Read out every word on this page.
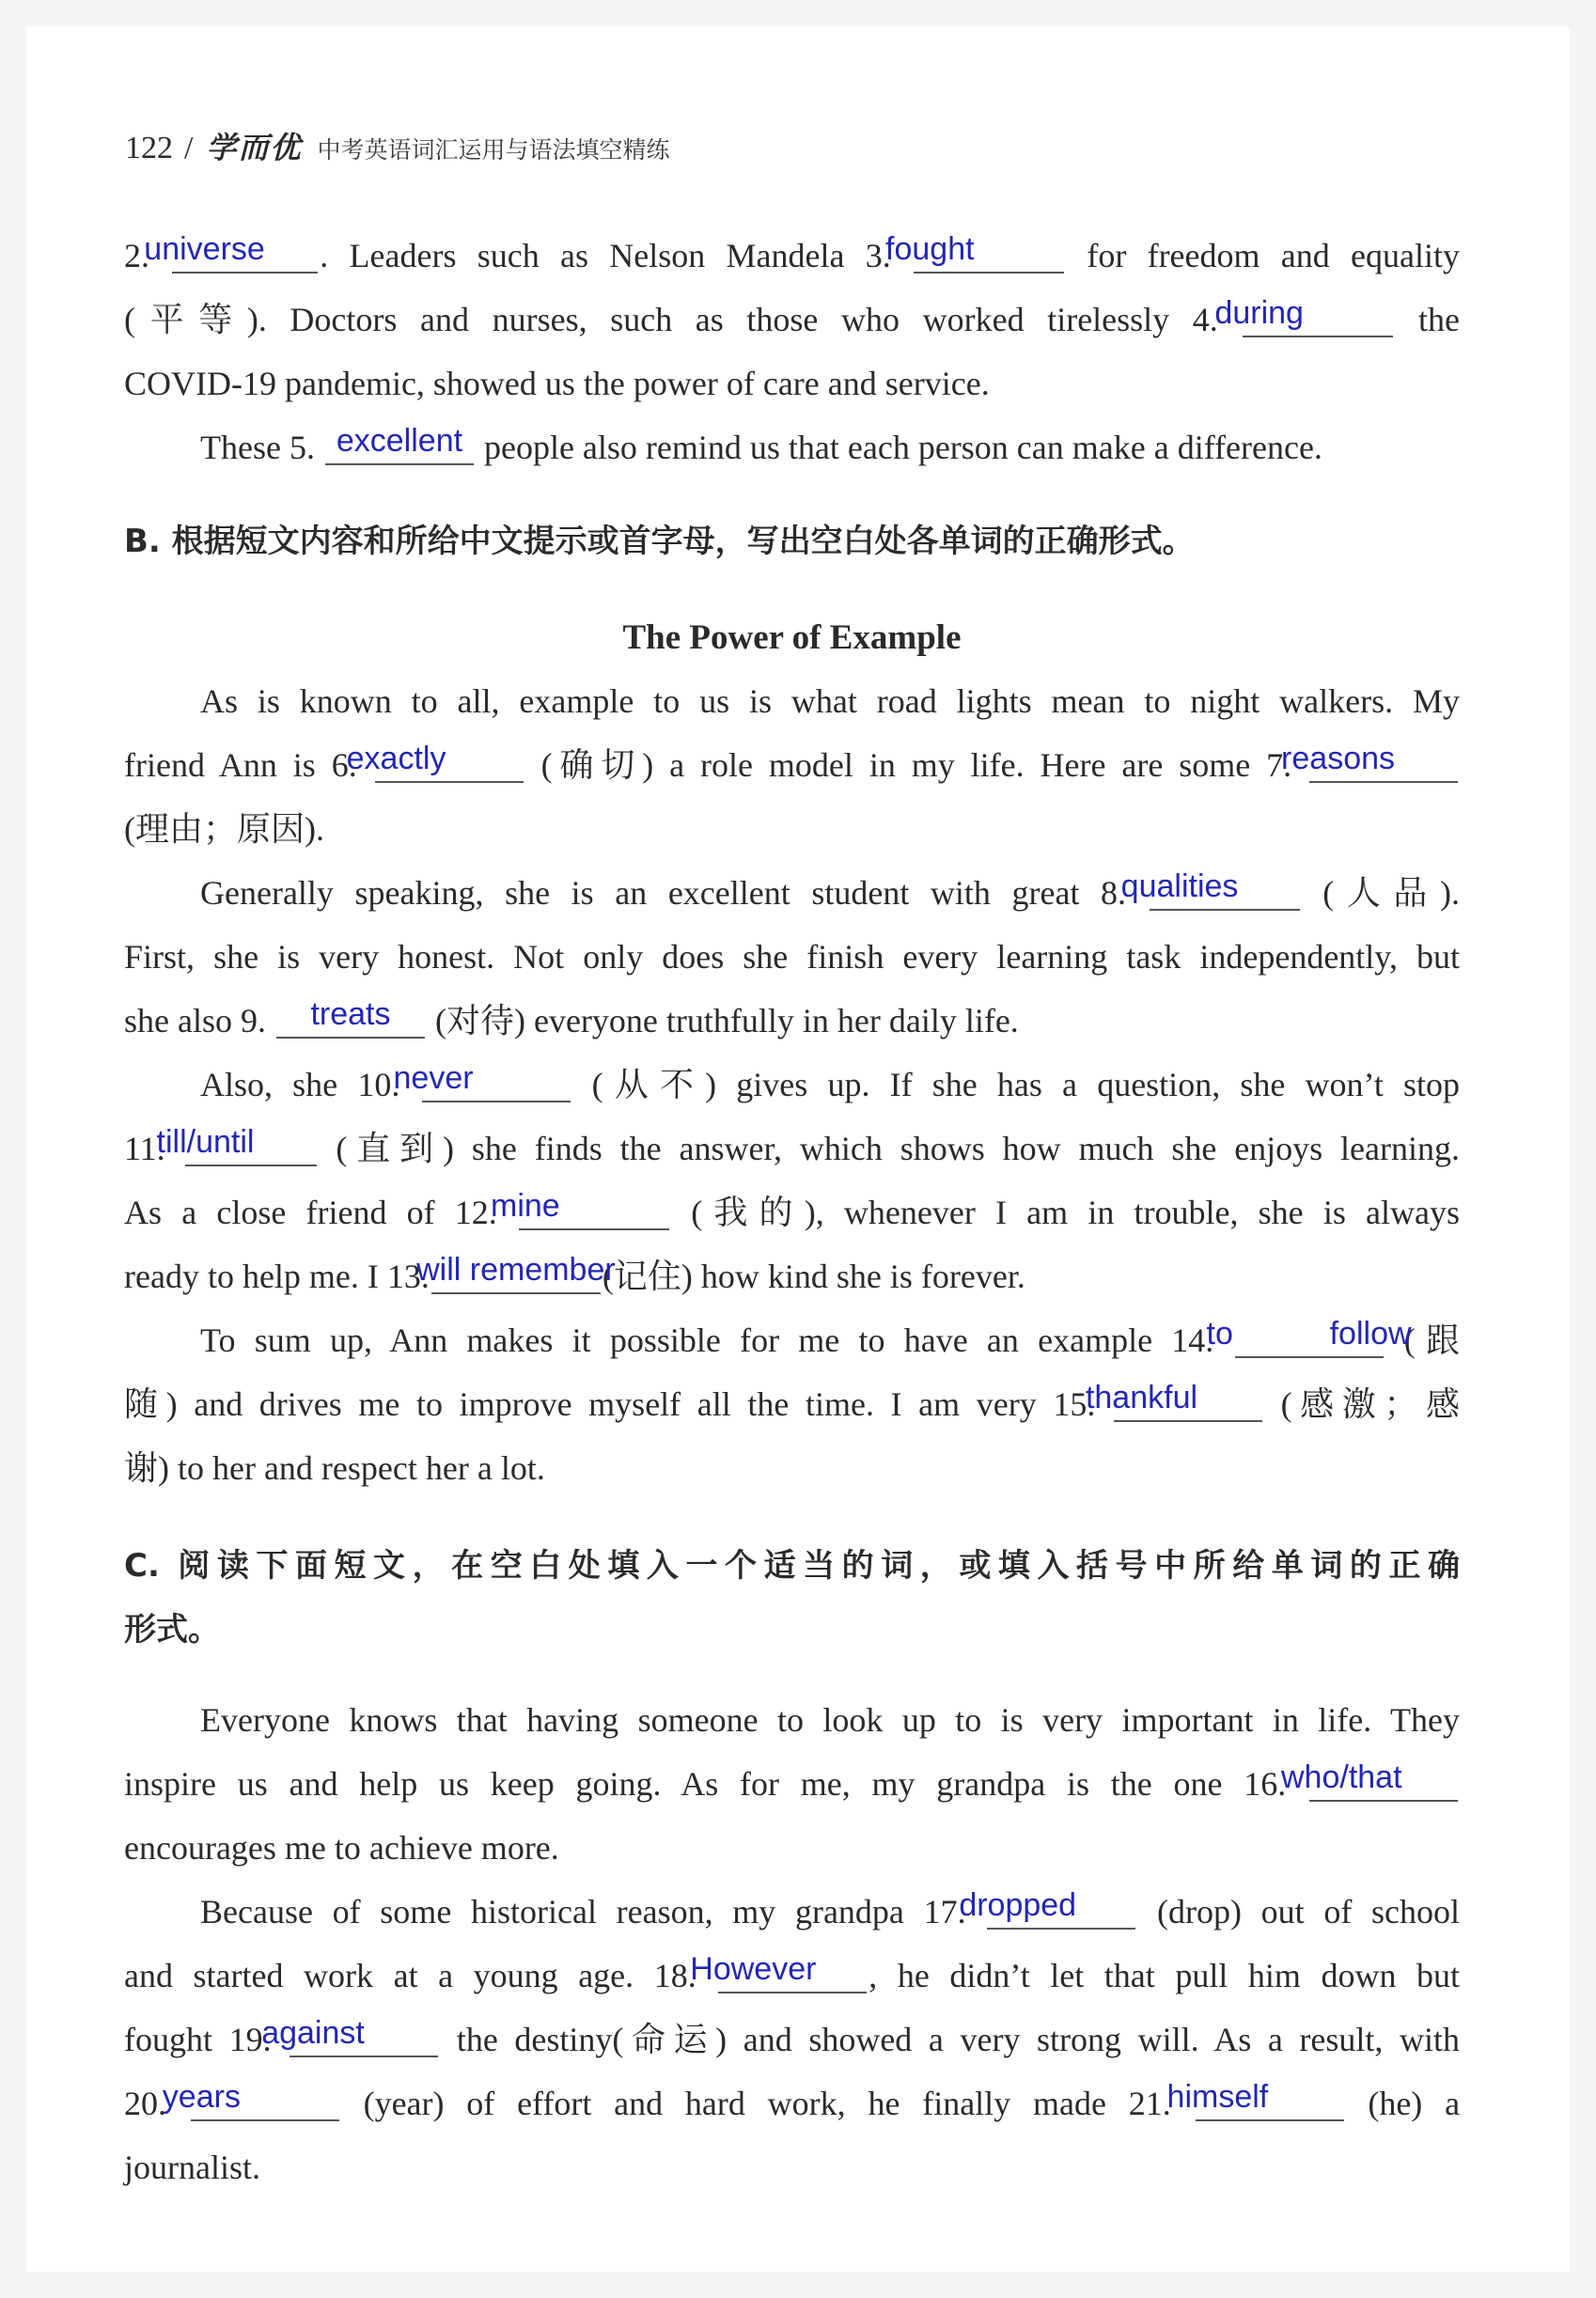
122 / 学而优 中考英语词汇运用与语法填空精练
2.
universe	. Leaders such as Nelson Mandela 3.
fought	for freedom and equality
(平等). Doctors and nurses, such as those who worked tirelessly 4.
during	the
COVID-19 pandemic, showed us the power of care and service.
These 5. excellent people also remind us that each person can make a difference.
B. 根据短文内容和所给中文提示或首字母，写出空白处各单词的正确形式。
The Power of Example
As is known to all, example to us is what road lights mean to night walkers. My
friend Ann is 6.
exactly	(确切) a role model in my life. Here are some 7.
reasons
(理由；原因).
Generally speaking, she is an excellent student with great 8.
qualities	(人品).
First, she is very honest. Not only does she finish every learning task independently, but
she also 9.	treats	(对待) everyone truthfully in her daily life.
Also, she 10.
never	(从不) gives up. If she has a question, she won’t stop
11.
till/until	(直到) she finds the answer, which shows how much she enjoys learning.
As a close friend of 12.
mine	(我的), whenever I am in trouble, she is always
ready to help me. I 13.
will remember
(记住) how kind she is forever.
To sum up, Ann makes it possible for me to have an example 14.
to follow
(跟
随) and drives me to improve myself all the time. I am very 15.
thankful	(感激；感
谢) to her and respect her a lot.
C. 阅读下面短文，在空白处填入一个适当的词，或填入括号中所给单词的正确
形式。
Everyone knows that having someone to look up to is very important in life. They
inspire us and help us keep going. As for me, my grandpa is the one 16.
who/that
encourages me to achieve more.
Because of some historical reason, my grandpa 17.
dropped	(drop) out of school
and started work at a young age. 18.
However	, he didn’t let that pull him down but
fought 19.
against	the destiny(命运) and showed a very strong will. As a result, with
20.
years	(year) of effort and hard work, he finally made 21.
himself	(he) a
journalist.
